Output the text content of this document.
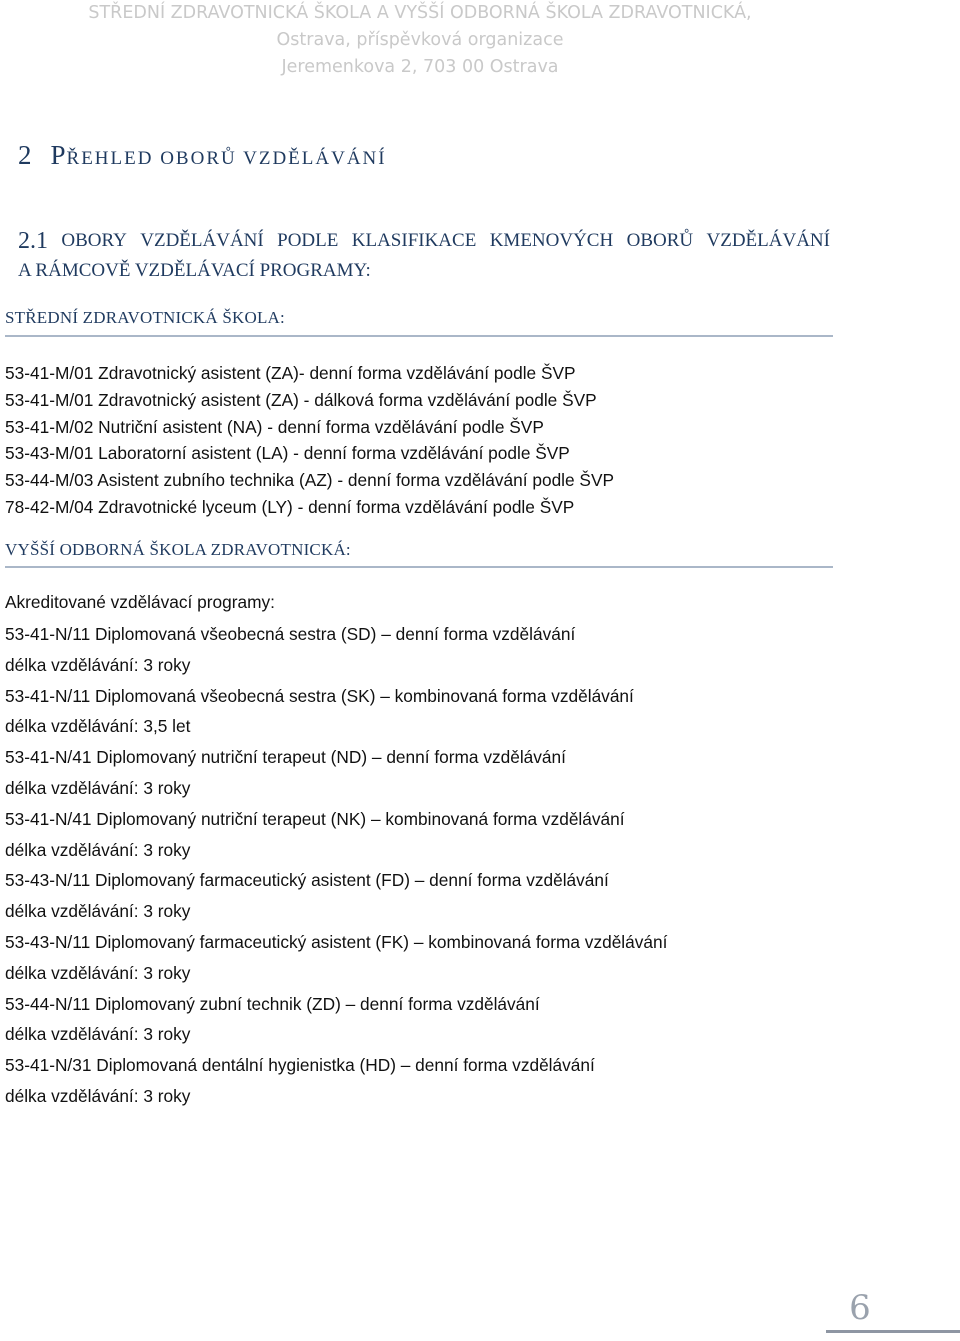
STŘEDNÍ ZDRAVOTNICKÁ ŠKOLA A VYŠŠÍ ODBORNÁ ŠKOLA ZDRAVOTNICKÁ,
Ostrava, příspěvková organizace
Jeremenkova 2, 703 00 Ostrava
2 PŘEHLED OBORŮ VZDĚLÁVÁNÍ
2.1 OBORY VZDĚLÁVÁNÍ PODLE KLASIFIKACE KMENOVÝCH OBORŮ VZDĚLÁVÁNÍ
A RÁMCOVĚ VZDĚLÁVACÍ PROGRAMY:
STŘEDNÍ ZDRAVOTNICKÁ ŠKOLA:
53-41-M/01 Zdravotnický asistent (ZA)- denní forma vzdělávání podle ŠVP
53-41-M/01 Zdravotnický asistent (ZA) - dálková forma vzdělávání podle ŠVP
53-41-M/02 Nutriční asistent (NA) - denní forma vzdělávání podle ŠVP
53-43-M/01 Laboratorní asistent (LA) - denní forma vzdělávání podle ŠVP
53-44-M/03 Asistent zubního technika (AZ) - denní forma vzdělávání podle ŠVP
78-42-M/04 Zdravotnické lyceum (LY) - denní forma vzdělávání podle ŠVP
VYŠŠÍ ODBORNÁ ŠKOLA ZDRAVOTNICKÁ:
Akreditované vzdělávací programy:
53-41-N/11 Diplomovaná všeobecná sestra (SD) – denní forma vzdělávání
délka vzdělávání: 3 roky
53-41-N/11 Diplomovaná všeobecná sestra (SK) – kombinovaná forma vzdělávání
délka vzdělávání: 3,5 let
53-41-N/41 Diplomovaný nutriční terapeut (ND) – denní forma vzdělávání
délka vzdělávání: 3 roky
53-41-N/41 Diplomovaný nutriční terapeut (NK) – kombinovaná forma vzdělávání
délka vzdělávání: 3 roky
53-43-N/11 Diplomovaný farmaceutický asistent (FD) – denní forma vzdělávání
délka vzdělávání: 3 roky
53-43-N/11 Diplomovaný farmaceutický asistent (FK) – kombinovaná forma vzdělávání
délka vzdělávání: 3 roky
53-44-N/11 Diplomovaný zubní technik (ZD) – denní forma vzdělávání
délka vzdělávání: 3 roky
53-41-N/31 Diplomovaná dentální hygienistka (HD) – denní forma vzdělávání
délka vzdělávání: 3 roky
6
